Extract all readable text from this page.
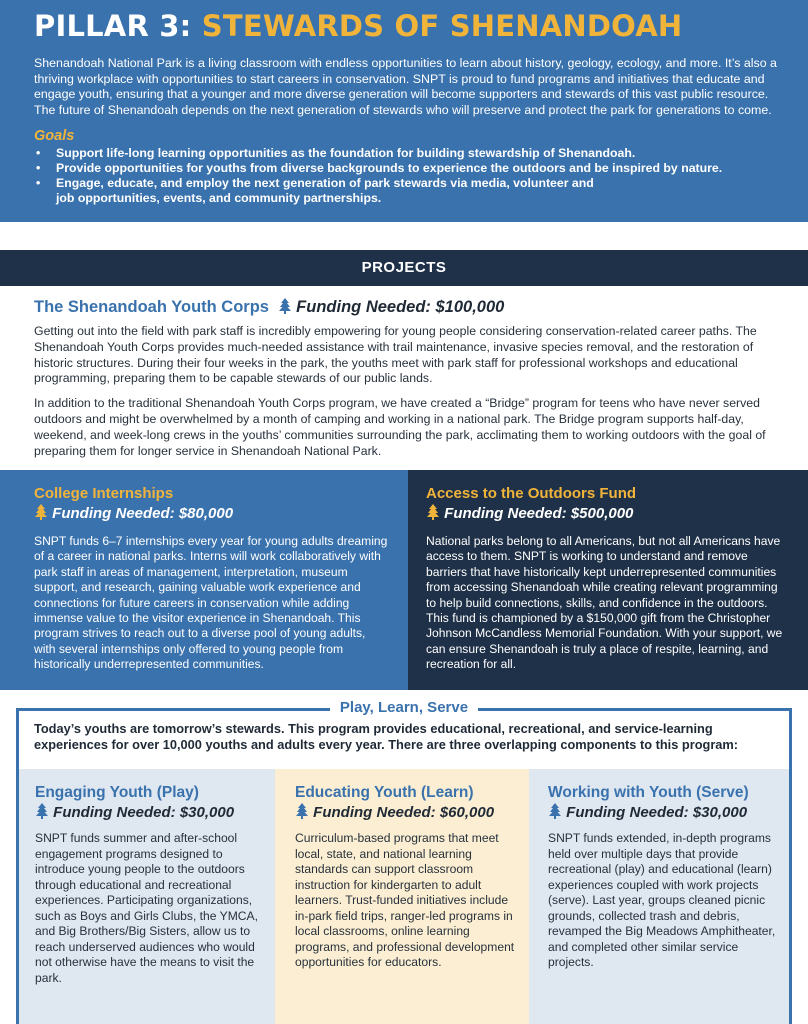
PILLAR 3: STEWARDS OF SHENANDOAH

Shenandoah National Park is a living classroom with endless opportunities to learn about history, geology, ecology, and more. It’s also a thriving workplace with opportunities to start careers in conservation. SNPT is proud to fund programs and initiatives that educate and engage youth, ensuring that a younger and more diverse generation will become supporters and stewards of this vast public resource. The future of Shenandoah depends on the next generation of stewards who will preserve and protect the park for generations to come.

Goals
• Support life-long learning opportunities as the foundation for building stewardship of Shenandoah.
• Provide opportunities for youths from diverse backgrounds to experience the outdoors and be inspired by nature.
• Engage, educate, and employ the next generation of park stewards via media, volunteer and job opportunities, events, and community partnerships.
PROJECTS
The Shenandoah Youth Corps Funding Needed: $100,000

Getting out into the field with park staff is incredibly empowering for young people considering conservation-related career paths. The Shenandoah Youth Corps provides much-needed assistance with trail maintenance, invasive species removal, and the restoration of historic structures. During their four weeks in the park, the youths meet with park staff for professional workshops and educational programming, preparing them to be capable stewards of our public lands.

In addition to the traditional Shenandoah Youth Corps program, we have created a “Bridge” program for teens who have never served outdoors and might be overwhelmed by a month of camping and working in a national park. The Bridge program supports half-day, weekend, and week-long crews in the youths’ communities surrounding the park, acclimating them to working outdoors with the goal of preparing them for longer service in Shenandoah National Park.

College Internships
Funding Needed: $80,000

SNPT funds 6–7 internships every year for young adults dreaming of a career in national parks. Interns will work collaboratively with park staff in areas of management, interpretation, museum support, and research, gaining valuable work experience and connections for future careers in conservation while adding immense value to the visitor experience in Shenandoah. This program strives to reach out to a diverse pool of young adults, with several internships only offered to young people from historically underrepresented communities.

Access to the Outdoors Fund
Funding Needed: $500,000

National parks belong to all Americans, but not all Americans have access to them. SNPT is working to understand and remove barriers that have historically kept underrepresented communities from accessing Shenandoah while creating relevant programming to help build connections, skills, and confidence in the outdoors. This fund is championed by a $150,000 gift from the Christopher Johnson McCandless Memorial Foundation. With your support, we can ensure Shenandoah is truly a place of respite, learning, and recreation for all.

Play, Learn, Serve

Today’s youths are tomorrow’s stewards. This program provides educational, recreational, and service-learning experiences for over 10,000 youths and adults every year. There are three overlapping components to this program:

Engaging Youth (Play)
Funding Needed: $30,000

SNPT funds summer and after-school engagement programs designed to introduce young people to the outdoors through educational and recreational experiences. Participating organizations, such as Boys and Girls Clubs, the YMCA, and Big Brothers/Big Sisters, allow us to reach underserved audiences who would not otherwise have the means to visit the park.

Educating Youth (Learn)
Funding Needed: $60,000

Curriculum-based programs that meet local, state, and national learning standards can support classroom instruction for kindergarten to adult learners. Trust-funded initiatives include in-park field trips, ranger-led programs in local classrooms, online learning programs, and professional development opportunities for educators.

Working with Youth (Serve)
Funding Needed: $30,000

SNPT funds extended, in-depth programs held over multiple days that provide recreational (play) and educational (learn) experiences coupled with work projects (serve). Last year, groups cleaned picnic grounds, collected trash and debris, revamped the Big Meadows Amphitheater, and completed other similar service projects.
